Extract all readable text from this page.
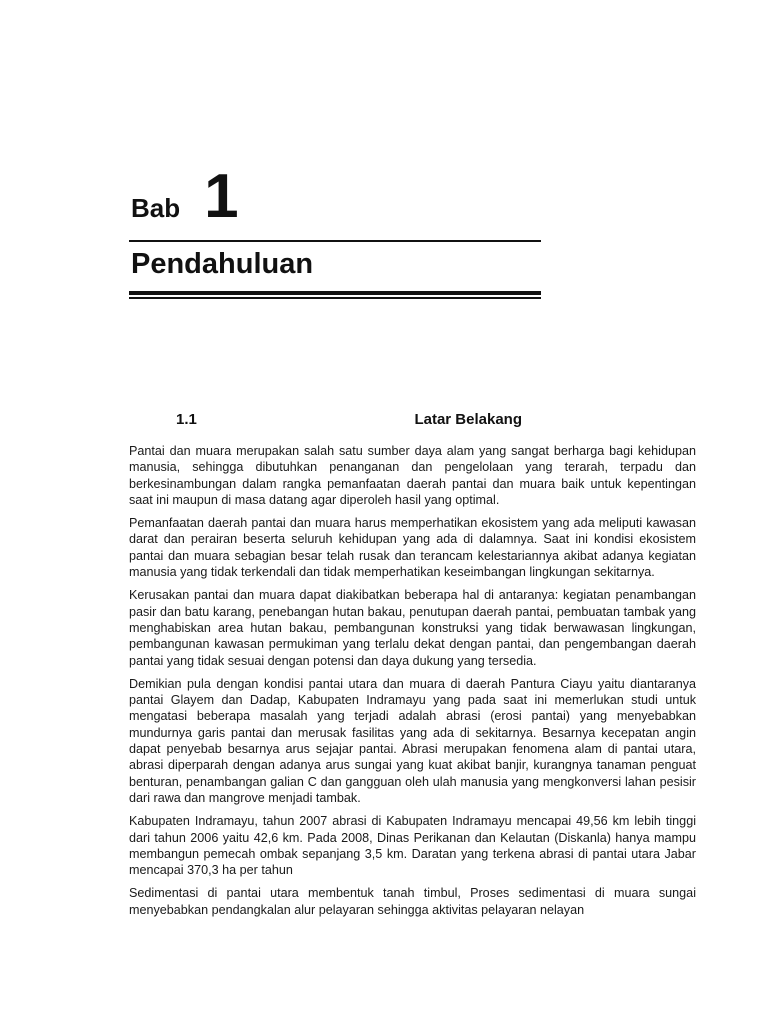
Bab 1
Pendahuluan
1.1	Latar Belakang

Pantai dan muara merupakan salah satu sumber daya alam yang sangat berharga bagi kehidupan manusia, sehingga dibutuhkan penanganan dan pengelolaan yang terarah, terpadu dan berkesinambungan dalam rangka pemanfaatan daerah pantai dan muara baik untuk kepentingan saat ini maupun di masa datang agar diperoleh hasil yang optimal.

Pemanfaatan daerah pantai dan muara harus memperhatikan ekosistem yang ada meliputi kawasan darat dan perairan beserta seluruh kehidupan yang ada di dalamnya. Saat ini kondisi ekosistem pantai dan muara sebagian besar telah rusak dan terancam kelestariannya akibat adanya kegiatan manusia yang tidak terkendali dan tidak memperhatikan keseimbangan lingkungan sekitarnya.

Kerusakan pantai dan muara dapat diakibatkan beberapa hal di antaranya: kegiatan penambangan pasir dan batu karang, penebangan hutan bakau, penutupan daerah pantai, pembuatan tambak yang menghabiskan area hutan bakau, pembangunan konstruksi yang tidak berwawasan lingkungan, pembangunan kawasan permukiman yang terlalu dekat dengan pantai, dan pengembangan daerah pantai yang tidak sesuai dengan potensi dan daya dukung yang tersedia.

Demikian pula dengan kondisi pantai utara dan muara di daerah Pantura Ciayu yaitu diantaranya pantai Glayem dan Dadap, Kabupaten Indramayu yang pada saat ini memerlukan studi untuk mengatasi beberapa masalah yang terjadi adalah abrasi (erosi pantai) yang menyebabkan mundurnya garis pantai dan merusak fasilitas yang ada di sekitarnya. Besarnya kecepatan angin dapat penyebab besarnya arus sejajar pantai. Abrasi merupakan fenomena alam di pantai utara, abrasi diperparah dengan adanya arus sungai yang kuat akibat banjir, kurangnya tanaman penguat benturan, penambangan galian C dan gangguan oleh ulah manusia yang mengkonversi lahan pesisir dari rawa dan mangrove menjadi tambak.

Kabupaten Indramayu, tahun 2007 abrasi di Kabupaten Indramayu mencapai 49,56 km lebih tinggi dari tahun 2006 yaitu 42,6 km. Pada 2008, Dinas Perikanan dan Kelautan (Diskanla) hanya mampu membangun pemecah ombak sepanjang 3,5 km. Daratan yang terkena abrasi di pantai utara Jabar mencapai 370,3 ha per tahun

Sedimentasi di pantai utara membentuk tanah timbul, Proses sedimentasi di muara sungai menyebabkan pendangkalan alur pelayaran sehingga aktivitas pelayaran nelayan
